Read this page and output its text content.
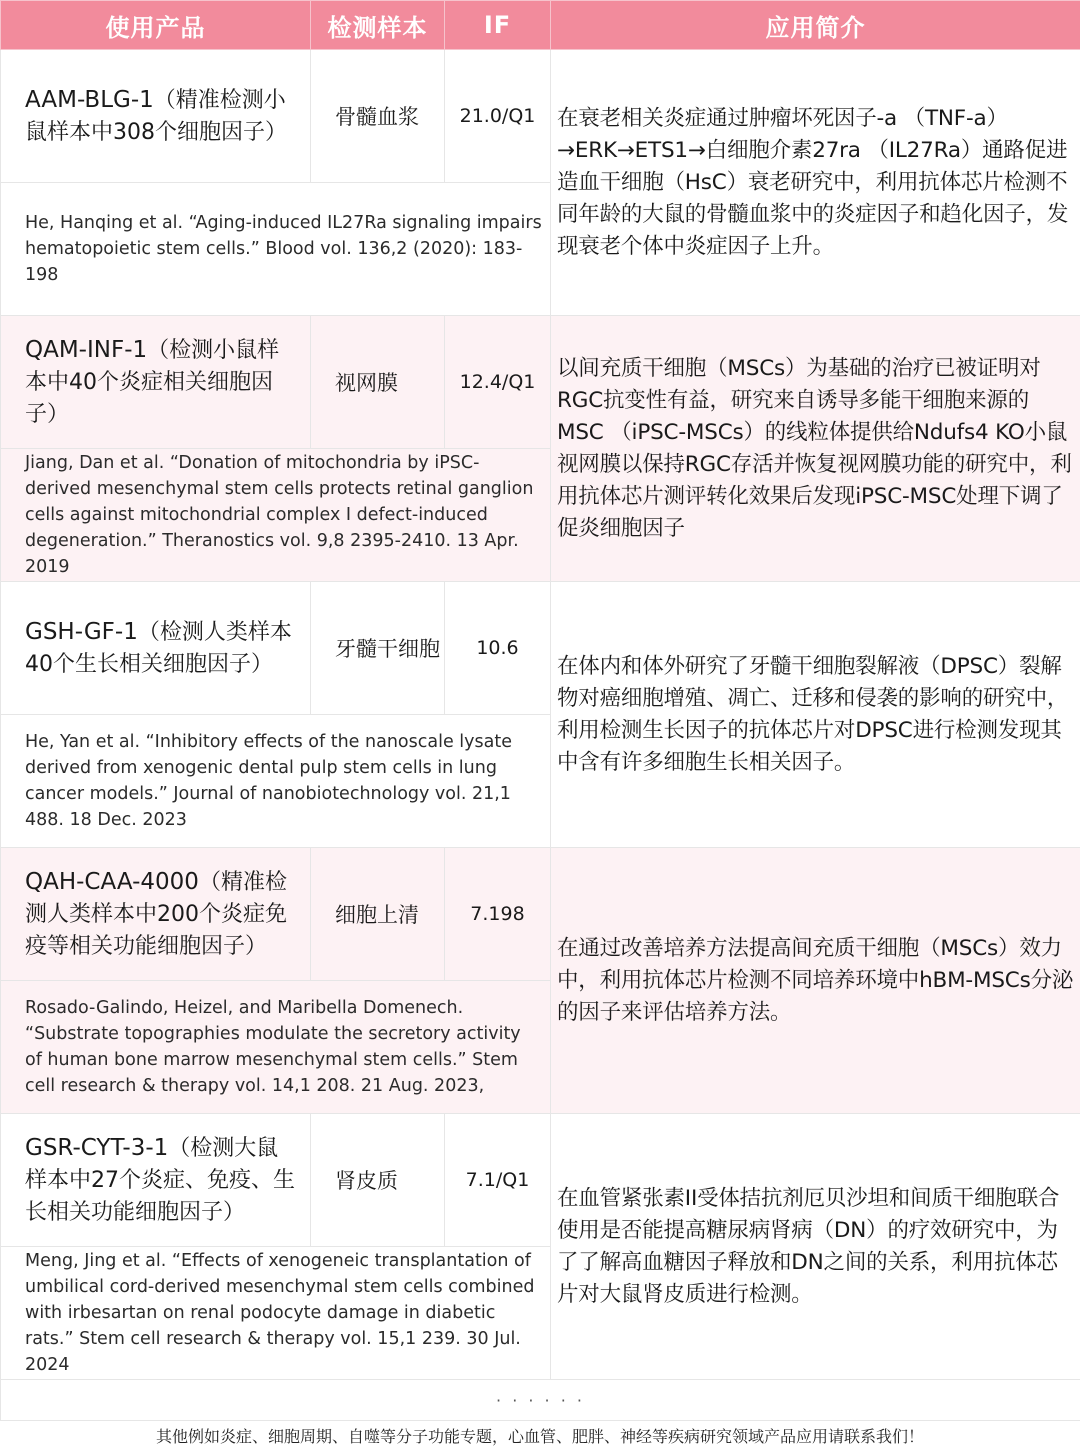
使用产品	检测样本	IF	应用简介
AAM-BLG-1（精准检测小鼠样本中308个细胞因子）	骨髓血浆	21.0/Q1	在衰老相关炎症通过肿瘤坏死因子-a （TNF-a）→ERK→ETS1→白细胞介素27ra （IL27Ra）通路促进造血干细胞（HsC）衰老研究中，利用抗体芯片检测不同年龄的大鼠的骨髓血浆中的炎症因子和趋化因子，发现衰老个体中炎症因子上升。
He, Hanqing et al. “Aging-induced IL27Ra signaling impairs hematopoietic stem cells.” Blood vol. 136,2 (2020): 183-198			
QAM-INF-1（检测小鼠样本中40个炎症相关细胞因子）	视网膜	12.4/Q1	以间充质干细胞（MSCs）为基础的治疗已被证明对RGC抗变性有益，研究来自诱导多能干细胞来源的MSC （iPSC-MSCs）的线粒体提供给Ndufs4 KO小鼠视网膜以保持RGC存活并恢复视网膜功能的研究中，利用抗体芯片测评转化效果后发现iPSC-MSC处理下调了促炎细胞因子
Jiang, Dan et al. “Donation of mitochondria by iPSC-derived mesenchymal stem cells protects retinal ganglion cells against mitochondrial complex I defect-induced degeneration.” Theranostics vol. 9,8 2395-2410. 13 Apr. 2019			
GSH-GF-1（检测人类样本40个生长相关细胞因子）	牙髓干细胞	10.6	在体内和体外研究了牙髓干细胞裂解液（DPSC）裂解物对癌细胞增殖、凋亡、迁移和侵袭的影响的研究中，利用检测生长因子的抗体芯片对DPSC进行检测发现其中含有许多细胞生长相关因子。
He, Yan et al. “Inhibitory effects of the nanoscale lysate derived from xenogenic dental pulp stem cells in lung cancer models.” Journal of nanobiotechnology vol. 21,1 488. 18 Dec. 2023			
QAH-CAA-4000（精准检测人类样本中200个炎症免疫等相关功能细胞因子）	细胞上清	7.198	在通过改善培养方法提高间充质干细胞（MSCs）效力中，利用抗体芯片检测不同培养环境中hBM-MSCs分泌的因子来评估培养方法。
Rosado-Galindo, Heizel, and Maribella Domenech. “Substrate topographies modulate the secretory activity of human bone marrow mesenchymal stem cells.” Stem cell research & therapy vol. 14,1 208. 21 Aug. 2023,			
GSR-CYT-3-1（检测大鼠样本中27个炎症、免疫、生长相关功能细胞因子）	肾皮质	7.1/Q1	在血管紧张素II受体拮抗剂厄贝沙坦和间质干细胞联合使用是否能提高糖尿病肾病（DN）的疗效研究中，为了了解高血糖因子释放和DN之间的关系，利用抗体芯片对大鼠肾皮质进行检测。
Meng, Jing et al. “Effects of xenogeneic transplantation of umbilical cord-derived mesenchymal stem cells combined with irbesartan on renal podocyte damage in diabetic rats.” Stem cell research & therapy vol. 15,1 239. 30 Jul. 2024			
· · · · · ·			
其他例如炎症、细胞周期、自噬等分子功能专题，心血管、肥胖、神经等疾病研究领域产品应用请联系我们！
